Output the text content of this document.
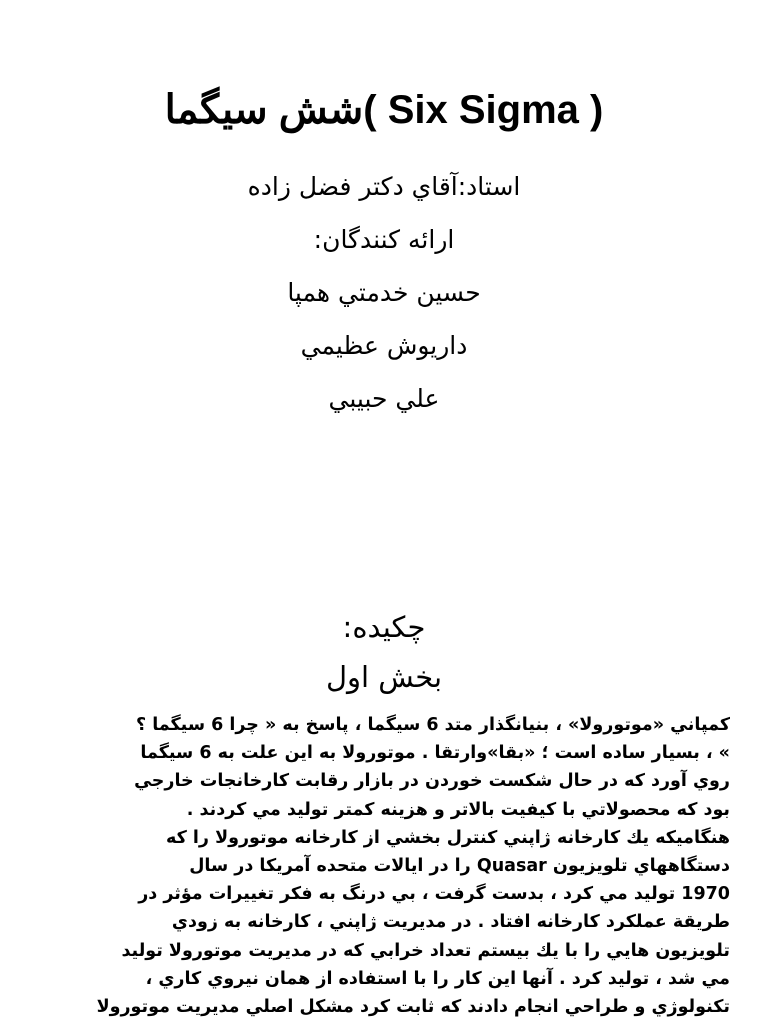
شش سيگما( Six Sigma )
استاد:آقاي دكتر فضل زاده
ارائه كنندگان:
حسين خدمتي همپا
داريوش عظيمي
علي حبيبي
چكيده:
بخش اول

كمپاني «موتورولا» ، بنيانگذار متد 6 سيگما ، پاسخ به « چرا 6 سيگما ؟
» ، بسيار ساده است ؛ «بقا»وارتقا . موتورولا به اين علت به 6 سيگما
روي آورد كه در حال شكست خوردن در بازار رقابت كارخانجات خارجي
بود كه محصولاتي با كيفيت بالاتر و هزينه كمتر توليد مي كردند .
هنگاميكه يك كارخانه ژاپني كنترل بخشي از كارخانه موتورولا را كه
دستگاههاي تلويزيون Quasar را در ايالات متحده آمريكا در سال
1970 توليد مي كرد ، بدست گرفت ، بي درنگ به فكر تغييرات مؤثر در
طريقة عملكرد كارخانه افتاد . در مديريت ژاپني ، كارخانه به زودي
تلويزيون هايي را با يك بيستم تعداد خرابي كه در مديريت موتورولا توليد
مي شد ، توليد كرد . آنها اين كار را با استفاده از همان نيروي كاري ،
تكنولوژي و طراحي انجام دادند كه ثابت كرد مشكل اصلي مديريت موتورولا
